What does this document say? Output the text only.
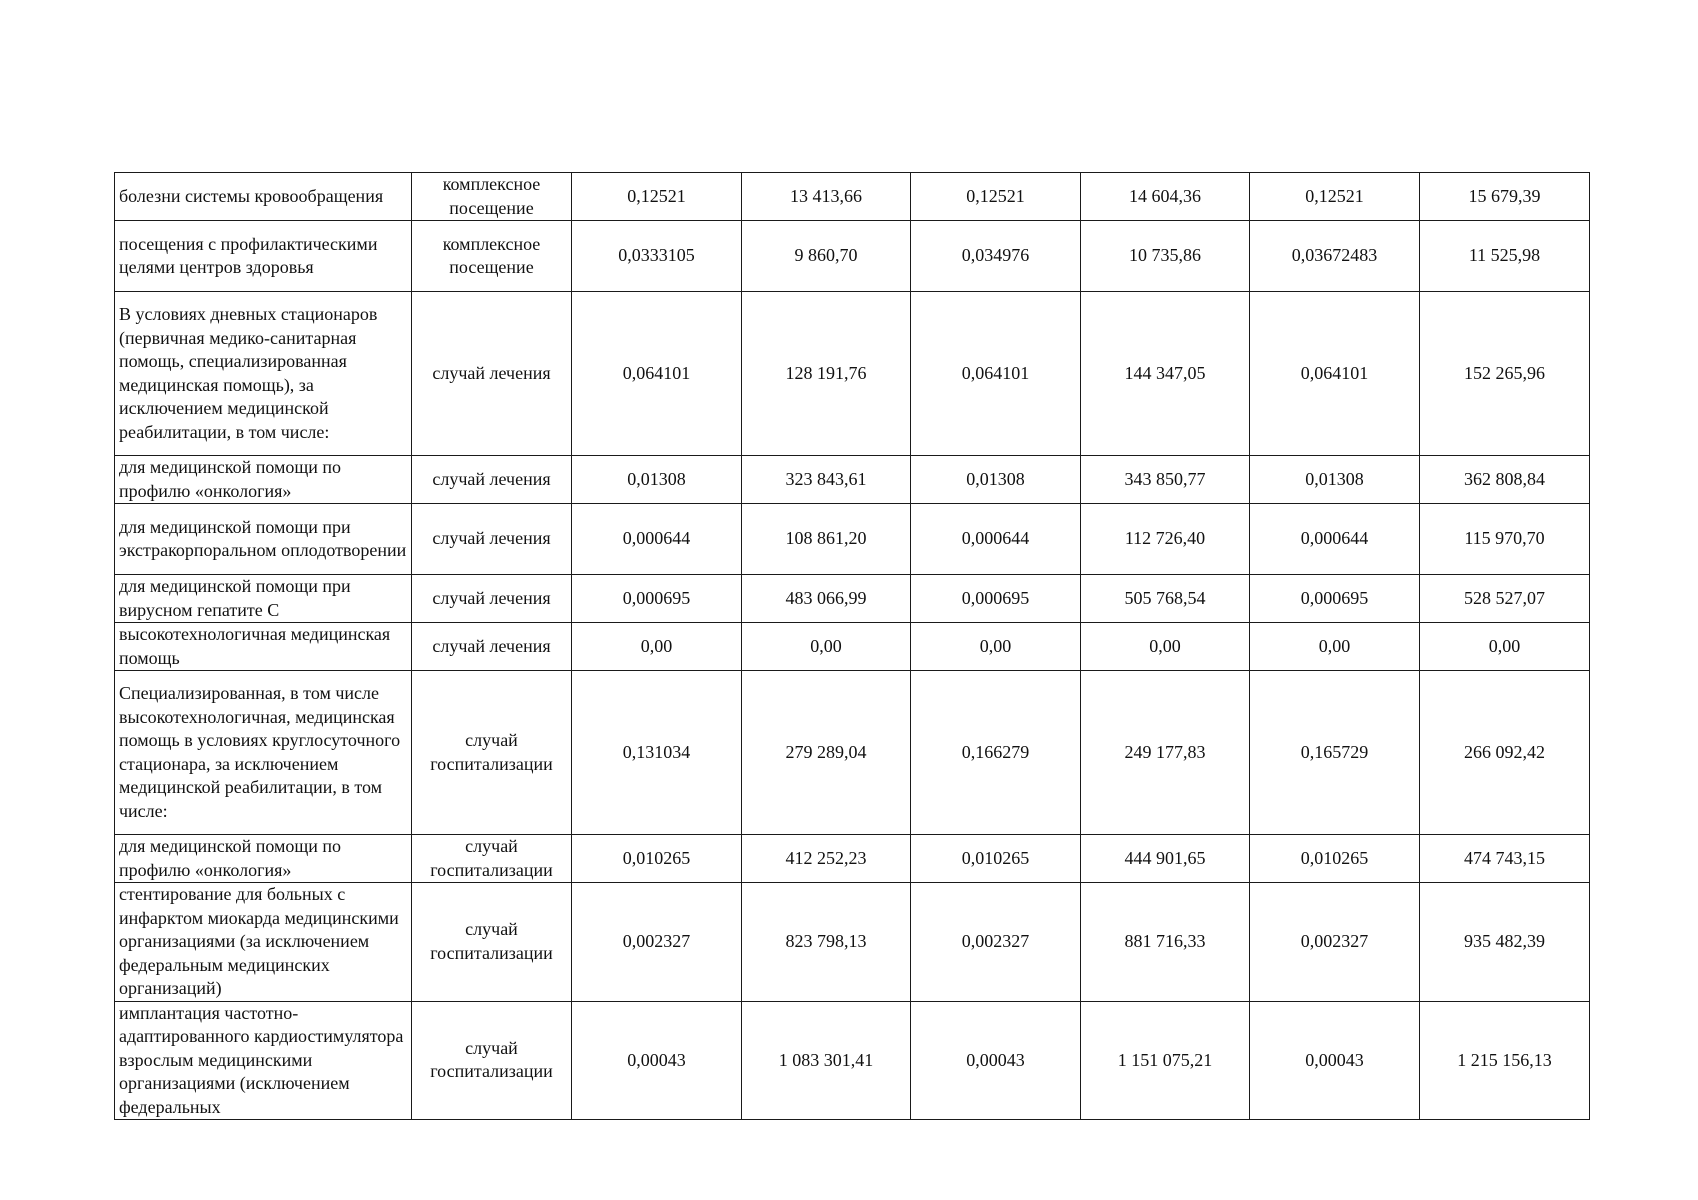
болезни системы кровообращения	комплексное посещение	0,12521	13 413,66	0,12521	14 604,36	0,12521	15 679,39
посещения с профилактическими целями центров здоровья	комплексное посещение	0,0333105	9 860,70	0,034976	10 735,86	0,03672483	11 525,98
В условиях дневных стационаров (первичная медико-санитарная помощь, специализированная медицинская помощь), за исключением медицинской реабилитации, в том числе:	случай лечения	0,064101	128 191,76	0,064101	144 347,05	0,064101	152 265,96
для медицинской помощи по профилю «онкология»	случай лечения	0,01308	323 843,61	0,01308	343 850,77	0,01308	362 808,84
для медицинской помощи при экстракорпоральном оплодотворении	случай лечения	0,000644	108 861,20	0,000644	112 726,40	0,000644	115 970,70
для медицинской помощи при вирусном гепатите С	случай лечения	0,000695	483 066,99	0,000695	505 768,54	0,000695	528 527,07
высокотехнологичная медицинская помощь	случай лечения	0,00	0,00	0,00	0,00	0,00	0,00
Специализированная, в том числе высокотехнологичная, медицинская помощь в условиях круглосуточного стационара, за исключением медицинской реабилитации, в том числе:	случай госпитализации	0,131034	279 289,04	0,166279	249 177,83	0,165729	266 092,42
для медицинской помощи по профилю «онкология»	случай госпитализации	0,010265	412 252,23	0,010265	444 901,65	0,010265	474 743,15
стентирование для больных с инфарктом миокарда медицинскими организациями (за исключением федеральным медицинских организаций)	случай госпитализации	0,002327	823 798,13	0,002327	881 716,33	0,002327	935 482,39
имплантация частотно-адаптированного кардиостимулятора взрослым медицинскими организациями (исключением федеральных	случай госпитализации	0,00043	1 083 301,41	0,00043	1 151 075,21	0,00043	1 215 156,13
